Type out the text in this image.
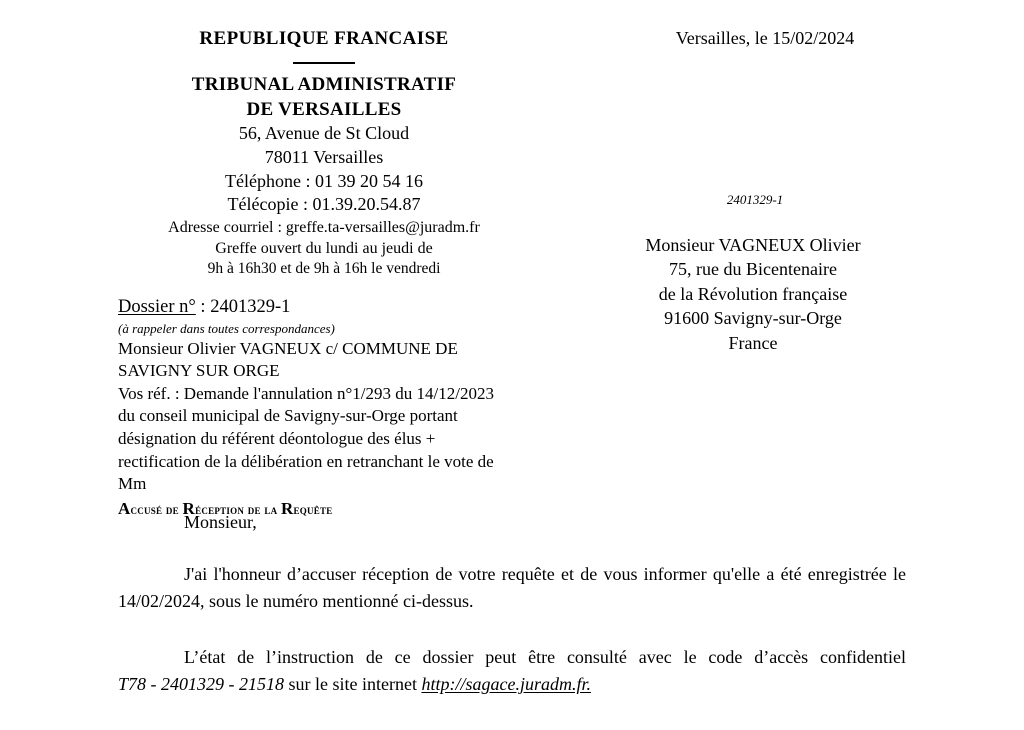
REPUBLIQUE FRANCAISE
TRIBUNAL ADMINISTRATIF
DE VERSAILLES
56, Avenue de St Cloud
78011 Versailles
Téléphone : 01 39 20 54 16
Télécopie : 01.39.20.54.87
Adresse courriel : greffe.ta-versailles@juradm.fr
Greffe ouvert du lundi au jeudi de
9h à 16h30 et de 9h à 16h le vendredi
Versailles, le 15/02/2024
2401329-1
Monsieur VAGNEUX Olivier
75, rue du Bicentenaire
de la Révolution française
91600 Savigny-sur-Orge
France
Dossier n° : 2401329-1
(à rappeler dans toutes correspondances)
Monsieur Olivier VAGNEUX c/ COMMUNE DE
SAVIGNY SUR ORGE
Vos réf. : Demande l'annulation n°1/293 du 14/12/2023
du conseil municipal de Savigny-sur-Orge portant
désignation du référent déontologue des élus +
rectification de la délibération en retranchant le vote de
Mm
Accusé de Réception de la Requête
Monsieur,
J'ai l'honneur d’accuser réception de votre requête et de vous informer qu'elle a été enregistrée le 14/02/2024, sous le numéro mentionné ci-dessus.
L’état de l’instruction de ce dossier peut être consulté avec le code d’accès confidentiel T78 - 2401329 - 21518 sur le site internet http://sagace.juradm.fr.
